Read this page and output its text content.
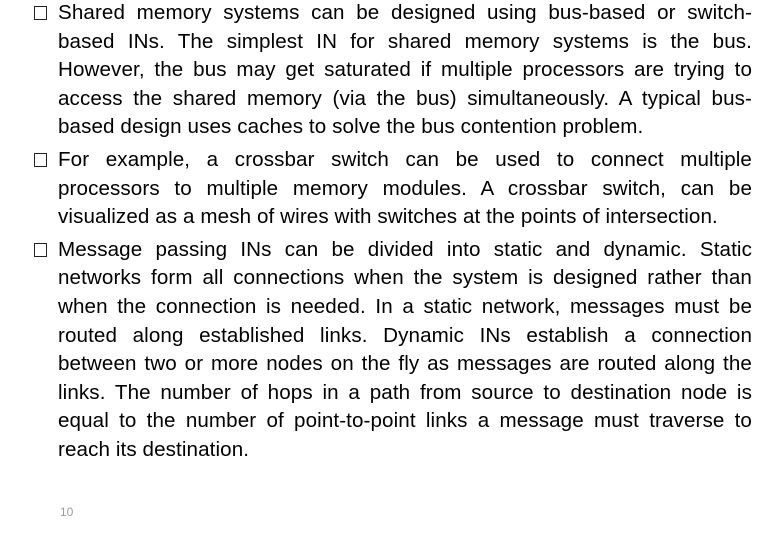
Shared memory systems can be designed using bus-based or switch-based INs. The simplest IN for shared memory systems is the bus. However, the bus may get saturated if multiple processors are trying to access the shared memory (via the bus) simultaneously. A typical bus-based design uses caches to solve the bus contention problem.
For example, a crossbar switch can be used to connect multiple processors to multiple memory modules. A crossbar switch, can be visualized as a mesh of wires with switches at the points of intersection.
Message passing INs can be divided into static and dynamic. Static networks form all connections when the system is designed rather than when the connection is needed. In a static network, messages must be routed along established links. Dynamic INs establish a connection between two or more nodes on the fly as messages are routed along the links. The number of hops in a path from source to destination node is equal to the number of point-to-point links a message must traverse to reach its destination.
10
